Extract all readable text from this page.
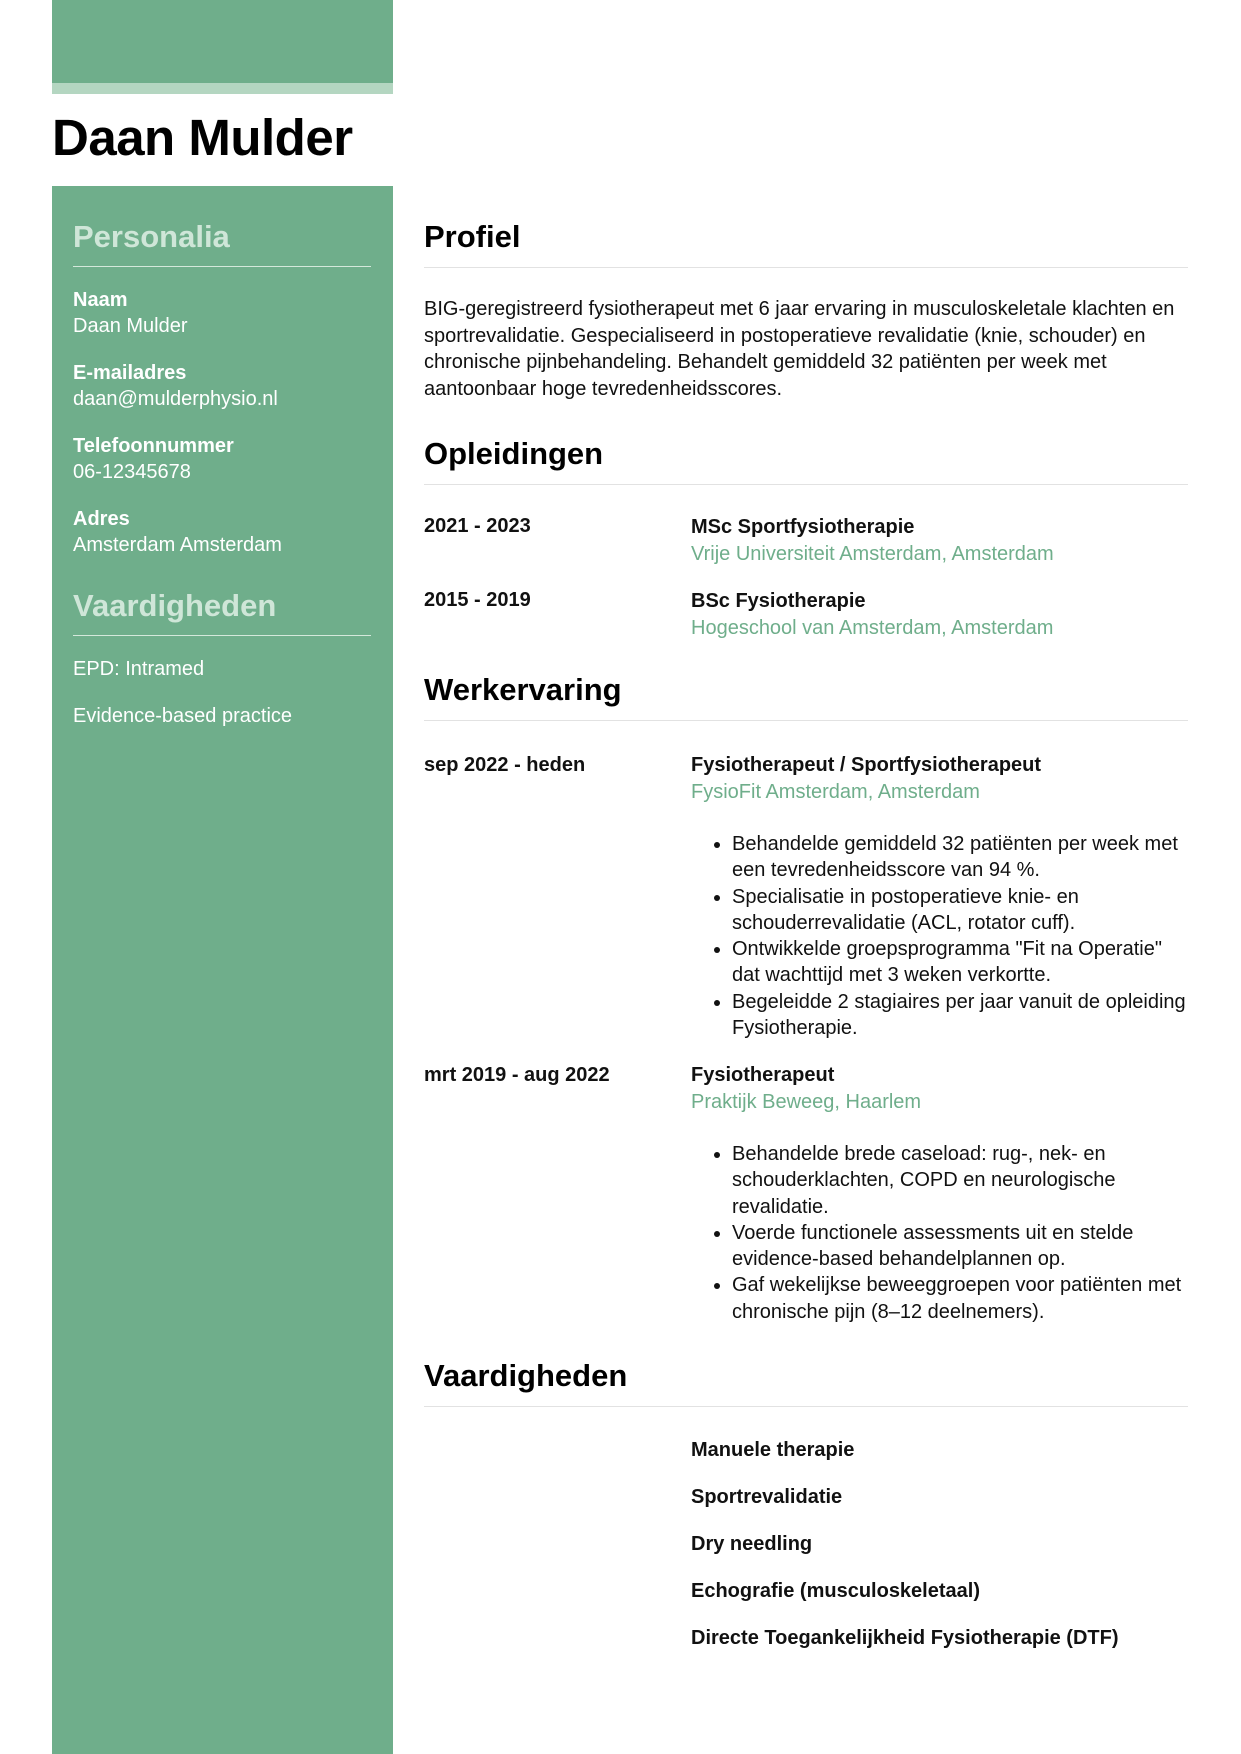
Daan Mulder
Personalia
Naam
Daan Mulder
E-mailadres
daan@mulderphysio.nl
Telefoonnummer
06-12345678
Adres
Amsterdam Amsterdam
Vaardigheden
EPD: Intramed
Evidence-based practice
Profiel

BIG-geregistreerd fysiotherapeut met 6 jaar ervaring in musculoskeletale klachten en sportrevalidatie. Gespecialiseerd in postoperatieve revalidatie (knie, schouder) en chronische pijnbehandeling. Behandelt gemiddeld 32 patiënten per week met aantoonbaar hoge tevredenheidsscores.

Opleidingen
2021 - 2023	MSc Sportfysiotherapie
Vrije Universiteit Amsterdam, Amsterdam
2015 - 2019	BSc Fysiotherapie
Hogeschool van Amsterdam, Amsterdam
Werkervaring
sep 2022 - heden	Fysiotherapeut / Sportfysiotherapeut
FysioFit Amsterdam, Amsterdam
• Behandelde gemiddeld 32 patiënten per week met een tevredenheidsscore van 94 %.
• Specialisatie in postoperatieve knie- en schouderrevalidatie (ACL, rotator cuff).
• Ontwikkelde groepsprogramma "Fit na Operatie" dat wachttijd met 3 weken verkortte.
• Begeleidde 2 stagiaires per jaar vanuit de opleiding Fysiotherapie.
mrt 2019 - aug 2022	Fysiotherapeut
Praktijk Beweeg, Haarlem
• Behandelde brede caseload: rug-, nek- en schouderklachten, COPD en neurologische revalidatie.
• Voerde functionele assessments uit en stelde evidence-based behandelplannen op.
• Gaf wekelijkse beweeggroepen voor patiënten met chronische pijn (8–12 deelnemers).
Vaardigheden
Manuele therapie
Sportrevalidatie
Dry needling
Echografie (musculoskeletaal)
Directe Toegankelijkheid Fysiotherapie (DTF)
